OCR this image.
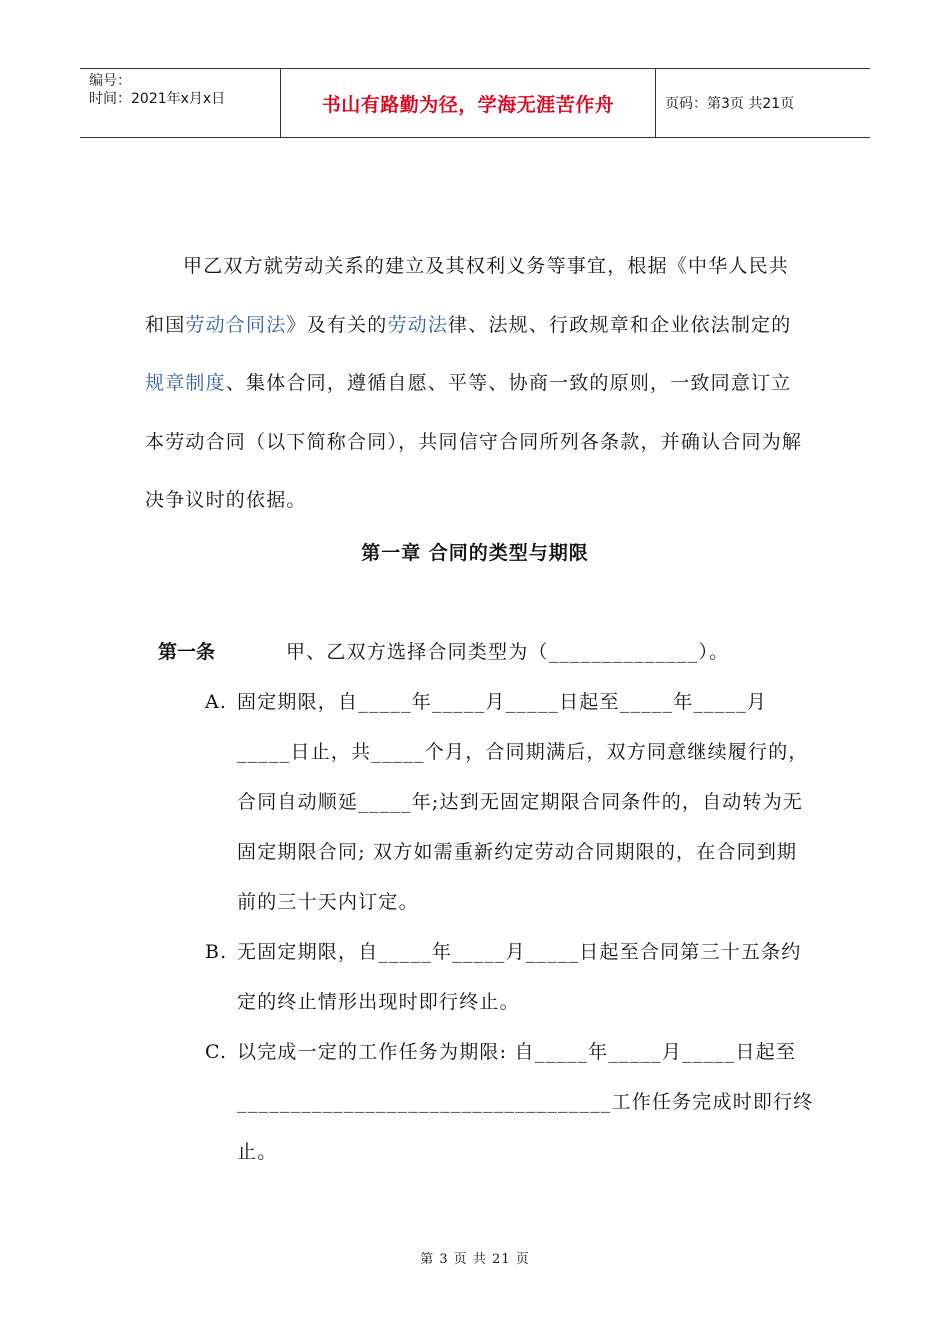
编号：
时间：2021年x月x日	书山有路勤为径，学海无涯苦作舟	页码：第3页 共21页

甲乙双方就劳动关系的建立及其权利义务等事宜，根据《中华人民共和国劳动合同法》及有关的劳动法律、法规、行政规章和企业依法制定的规章制度、集体合同，遵循自愿、平等、协商一致的原则，一致同意订立本劳动合同（以下简称合同），共同信守合同所列各条款，并确认合同为解决争议时的依据。

第一章 合同的类型与期限
第一条	甲、乙双方选择合同类型为（______________）。
A. 固定期限，自_____年_____月_____日起至_____年_____月_____日止，共_____个月，合同期满后，双方同意继续履行的，合同自动顺延_____年;达到无固定期限合同条件的，自动转为无固定期限合同; 双方如需重新约定劳动合同期限的，在合同到期前的三十天内订定。
B. 无固定期限，自_____年_____月_____日起至合同第三十五条约定的终止情形出现时即行终止。
C. 以完成一定的工作任务为期限: 自_____年_____月_____日起至___________________________________工作任务完成时即行终止。
第 3 页 共 21 页
